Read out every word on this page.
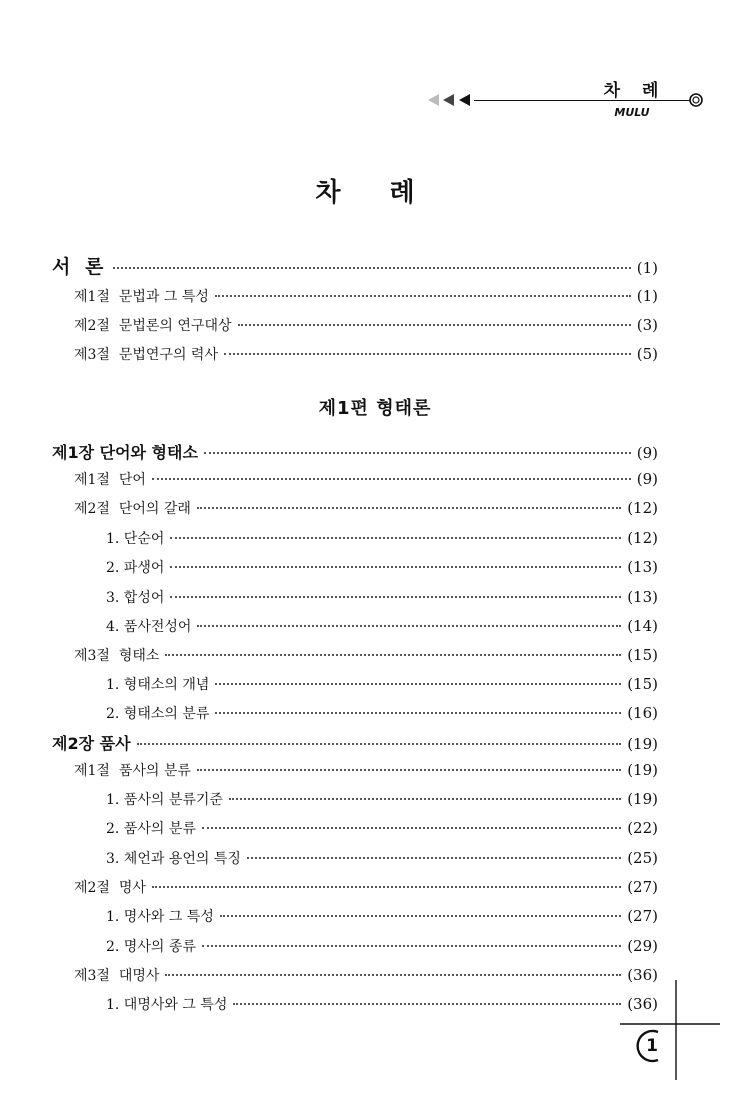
차 례
MULU
차 례
서 론	(1)
제1절  문법과 그 특성	(1)
제2절  문법론의 연구대상	(3)
제3절  문법연구의 력사	(5)
제1편 형태론
제1장 단어와 형태소	(9)
제1절  단어	(9)
제2절  단어의 갈래	(12)
1. 단순어	(12)
2. 파생어	(13)
3. 합성어	(13)
4. 품사전성어	(14)
제3절  형태소	(15)
1. 형태소의 개념	(15)
2. 형태소의 분류	(16)
제2장 품사	(19)
제1절  품사의 분류	(19)
1. 품사의 분류기준	(19)
2. 품사의 분류	(22)
3. 체언과 용언의 특징	(25)
제2절  명사	(27)
1. 명사와 그 특성	(27)
2. 명사의 종류	(29)
제3절  대명사	(36)
1. 대명사와 그 특성	(36)
1
